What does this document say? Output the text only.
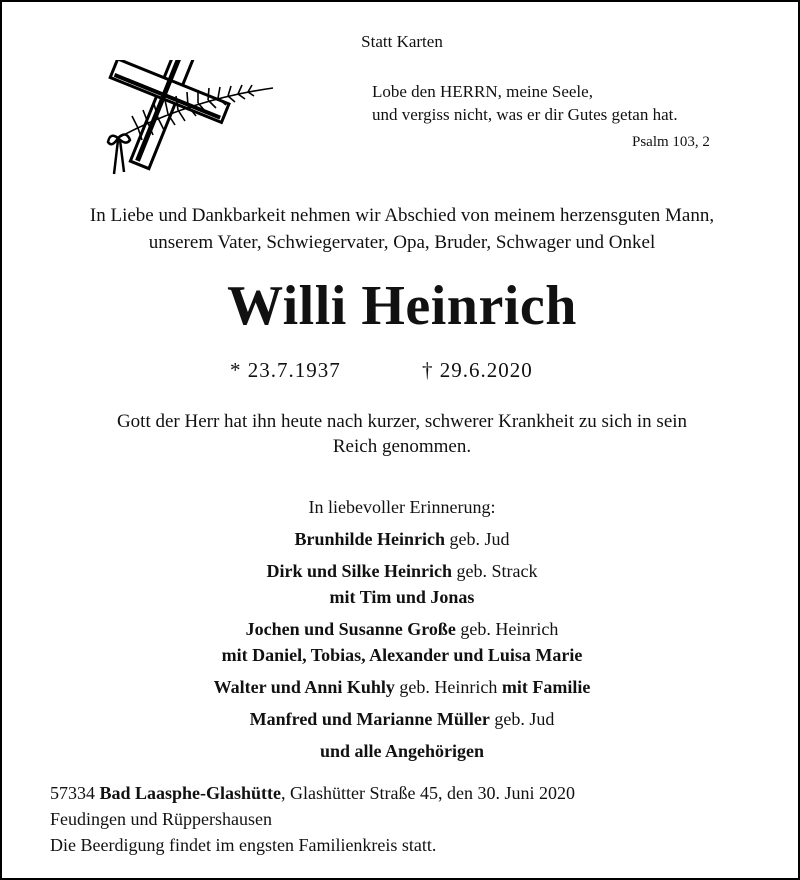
Statt Karten
Lobe den HERRN, meine Seele,
und vergiss nicht, was er dir Gutes getan hat.
Psalm 103, 2
In Liebe und Dankbarkeit nehmen wir Abschied von meinem herzensguten Mann,
unserem Vater, Schwiegervater, Opa, Bruder, Schwager und Onkel
Willi Heinrich
* 23.7.1937	† 29.6.2020
Gott der Herr hat ihn heute nach kurzer, schwerer Krankheit zu sich in sein
Reich genommen.
In liebevoller Erinnerung:
Brunhilde Heinrich geb. Jud
Dirk und Silke Heinrich geb. Strack
mit Tim und Jonas
Jochen und Susanne Große geb. Heinrich
mit Daniel, Tobias, Alexander und Luisa Marie
Walter und Anni Kuhly geb. Heinrich mit Familie
Manfred und Marianne Müller geb. Jud
und alle Angehörigen
57334 Bad Laasphe-Glashütte, Glashütter Straße 45, den 30. Juni 2020
Feudingen und Rüppershausen
Die Beerdigung findet im engsten Familienkreis statt.
